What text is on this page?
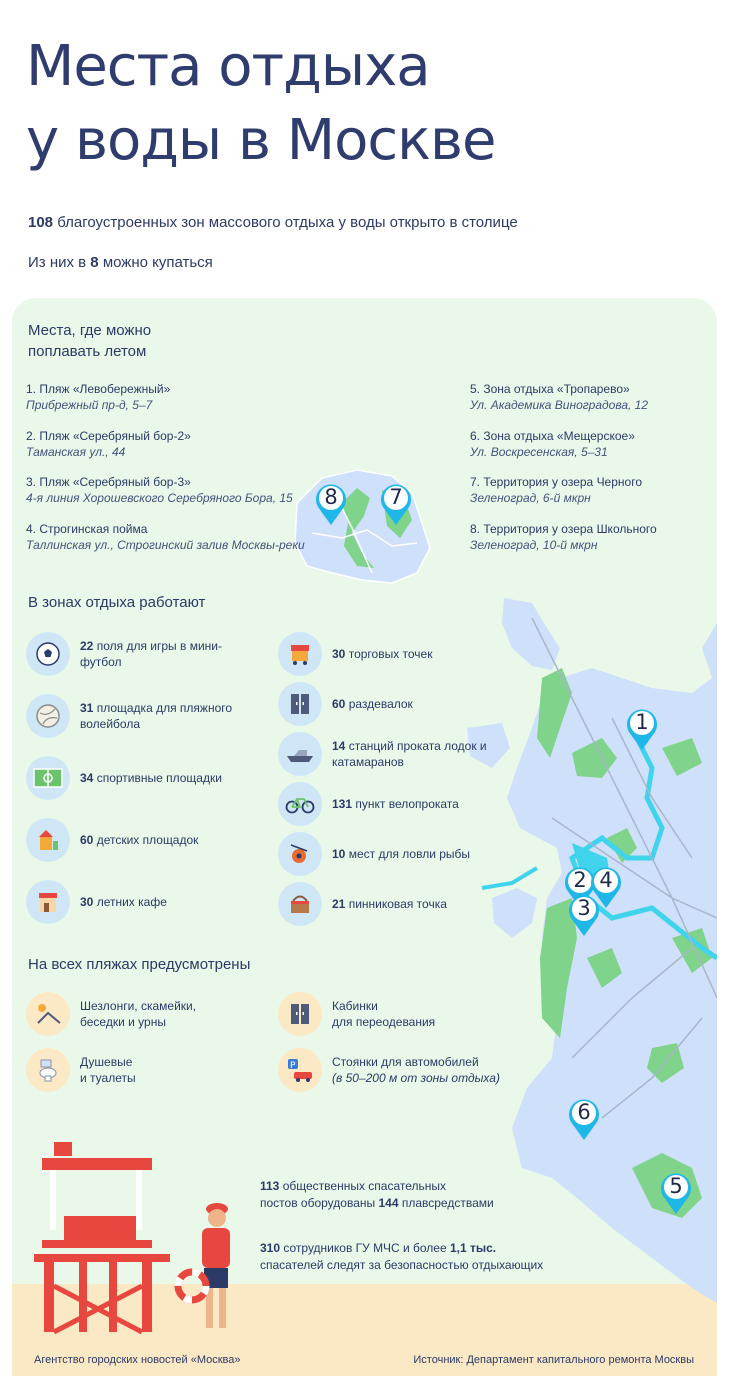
Места отдыха
у воды в Москве
108 благоустроенных зон массового отдыха у воды открыто в столице
Из них в 8 можно купаться
Места, где можно
поплавать летом
1. Пляж «Левобережный»
Прибрежный пр-д, 5–7
2. Пляж «Серебряный бор-2»
Таманская ул., 44
3. Пляж «Серебряный бор-3»
4-я линия Хорошевского Серебряного Бора, 15
4. Строгинская пойма
Таллинская ул., Строгинский залив Москвы-реки
5. Зона отдыха «Тропарево»
Ул. Академика Виноградова, 12
6. Зона отдыха «Мещерское»
Ул. Воскресенская, 5–31
7. Территория у озера Черного
Зеленоград, 6-й мкрн
8. Территория у озера Школьного
Зеленоград, 10-й мкрн
8	7
1
2 4
3
6
5
В зонах отдыха работают
22 поля для игры в мини-футбол
31 площадка для пляжного волейбола
34 спортивные площадки
60 детских площадок
30 летних кафе
30 торговых точек
60 раздевалок
14 станций проката лодок и катамаранов
131 пункт велопроката
10 мест для ловли рыбы
21 пинниковая точка
На всех пляжах предусмотрены
Шезлонги, скамейки,
беседки и урны
Кабинки
для переодевания
Душевые
и туалеты
P	Стоянки для автомобилей
(в 50–200 м от зоны отдыха)
113 общественных спасательных
постов оборудованы 144 плавсредствами
310 сотрудников ГУ МЧС и более 1,1 тыс.
спасателей следят за безопасностью отдыхающих
Агентство городских новостей «Москва»	Источник: Департамент капитального ремонта Москвы
